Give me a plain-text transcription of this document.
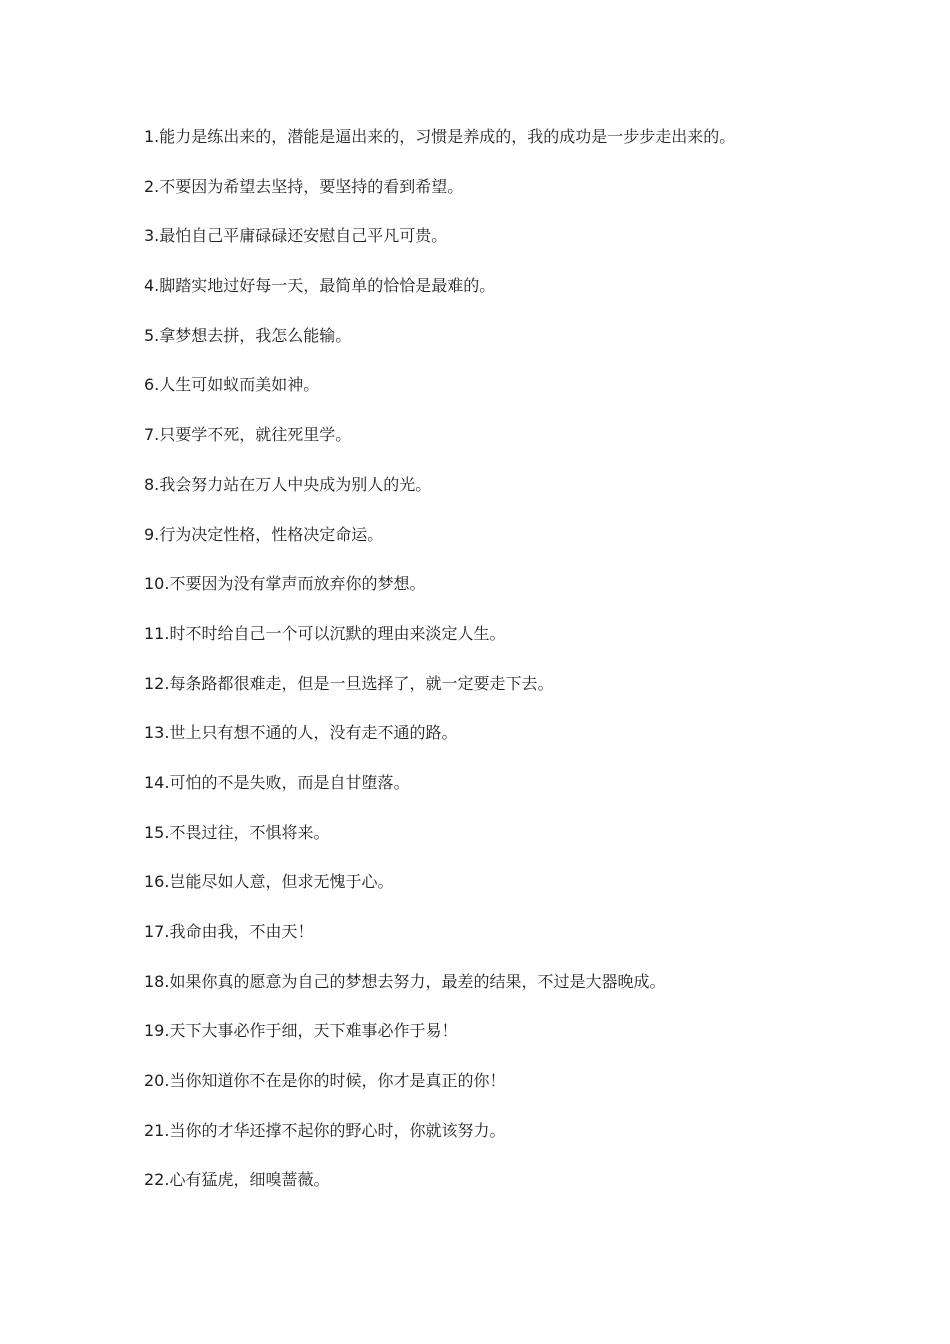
1.能力是练出来的，潜能是逼出来的，习惯是养成的，我的成功是一步步走出来的。
2.不要因为希望去坚持，要坚持的看到希望。
3.最怕自己平庸碌碌还安慰自己平凡可贵。
4.脚踏实地过好每一天，最简单的恰恰是最难的。
5.拿梦想去拼，我怎么能输。
6.人生可如蚁而美如神。
7.只要学不死，就往死里学。
8.我会努力站在万人中央成为别人的光。
9.行为决定性格，性格决定命运。
10.不要因为没有掌声而放弃你的梦想。
11.时不时给自己一个可以沉默的理由来淡定人生。
12.每条路都很难走，但是一旦选择了，就一定要走下去。
13.世上只有想不通的人，没有走不通的路。
14.可怕的不是失败，而是自甘堕落。
15.不畏过往，不惧将来。
16.岂能尽如人意，但求无愧于心。
17.我命由我，不由天！
18.如果你真的愿意为自己的梦想去努力，最差的结果，不过是大器晚成。
19.天下大事必作于细，天下难事必作于易！
20.当你知道你不在是你的时候，你才是真正的你！
21.当你的才华还撑不起你的野心时，你就该努力。
22.心有猛虎，细嗅蔷薇。
